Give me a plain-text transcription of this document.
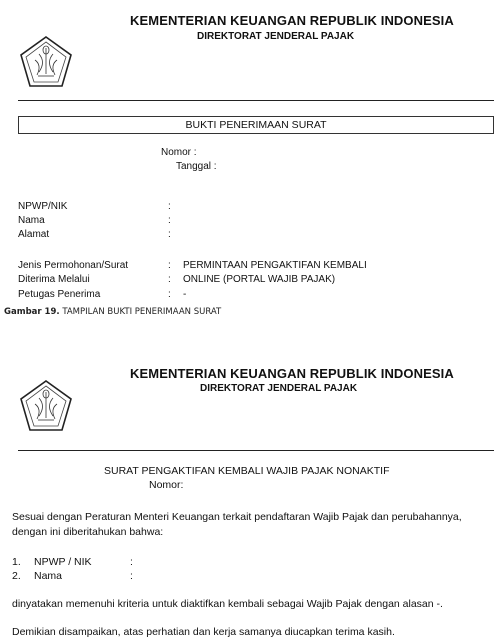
KEMENTERIAN KEUANGAN REPUBLIK INDONESIA
DIREKTORAT JENDERAL PAJAK
BUKTI PENERIMAAN SURAT
Nomor :
Tanggal :
NPWP/NIK	:
Nama	:
Alamat	:
Jenis Permohonan/Surat	: PERMINTAAN PENGAKTIFAN KEMBALI
Diterima Melalui	: ONLINE (PORTAL WAJIB PAJAK)
Petugas Penerima	: -
Gambar 19. TAMPILAN BUKTI PENERIMAAN SURAT
KEMENTERIAN KEUANGAN REPUBLIK INDONESIA
DIREKTORAT JENDERAL PAJAK
SURAT PENGAKTIFAN KEMBALI WAJIB PAJAK NONAKTIF
Nomor:
Sesuai dengan Peraturan Menteri Keuangan terkait pendaftaran Wajib Pajak dan perubahannya,
dengan ini diberitahukan bahwa:
1. NPWP / NIK	:
2. Nama	:
dinyatakan memenuhi kriteria untuk diaktifkan kembali sebagai Wajib Pajak dengan alasan -.
Demikian disampaikan, atas perhatian dan kerja samanya diucapkan terima kasih.
